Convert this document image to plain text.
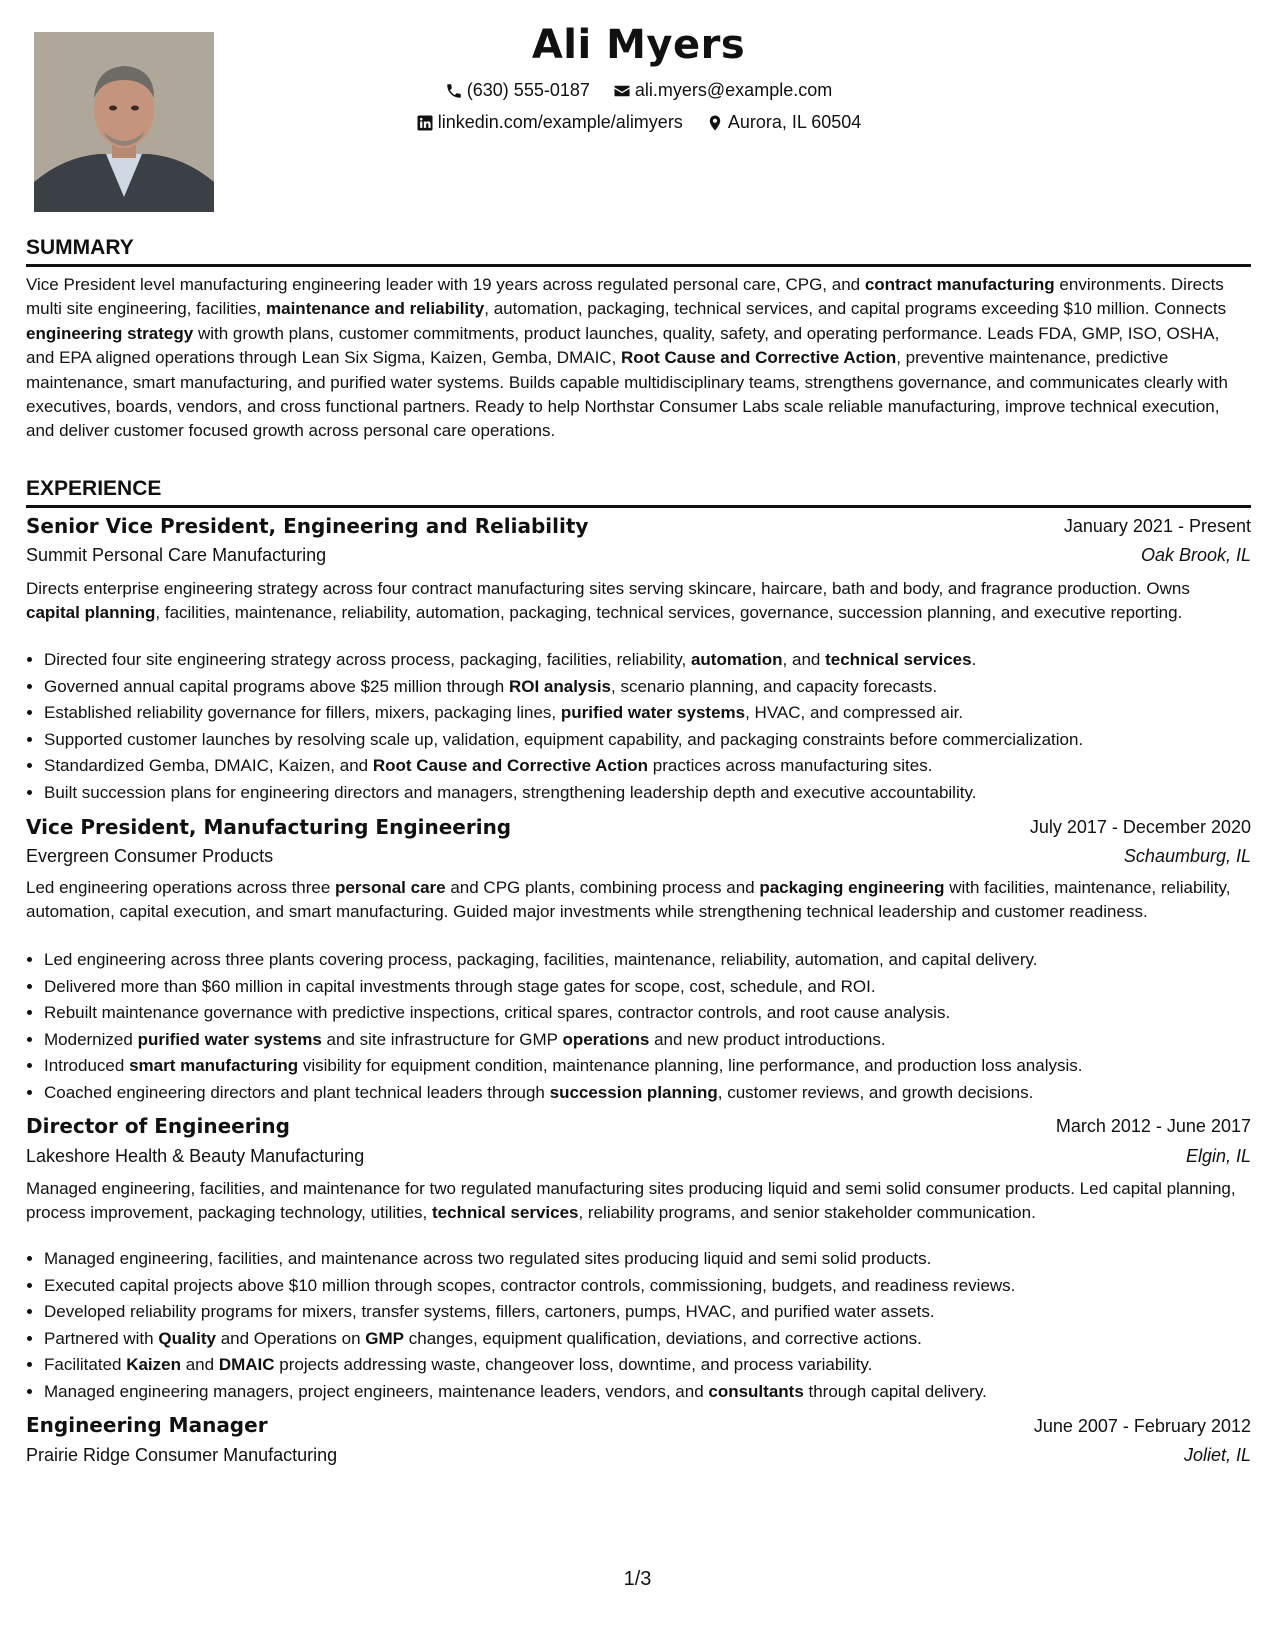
Ali Myers
(630) 555-0187
	ali.myers@example.com
linkedin.com/example/alimyers
	Aurora, IL 60504
SUMMARY

Vice President level manufacturing engineering leader with 19 years across regulated personal care, CPG, and contract manufacturing environments. Directs multi site engineering, facilities, maintenance and reliability, automation, packaging, technical services, and capital programs exceeding $10 million. Connects engineering strategy with growth plans, customer commitments, product launches, quality, safety, and operating performance. Leads FDA, GMP, ISO, OSHA, and EPA aligned operations through Lean Six Sigma, Kaizen, Gemba, DMAIC, Root Cause and Corrective Action, preventive maintenance, predictive maintenance, smart manufacturing, and purified water systems. Builds capable multidisciplinary teams, strengthens governance, and communicates clearly with executives, boards, vendors, and cross functional partners. Ready to help Northstar Consumer Labs scale reliable manufacturing, improve technical execution, and deliver customer focused growth across personal care operations.

EXPERIENCE
Senior Vice President, Engineering and Reliability	January 2021 - Present
Summit Personal Care Manufacturing	Oak Brook, IL

Directs enterprise engineering strategy across four contract manufacturing sites serving skincare, haircare, bath and body, and fragrance production. Owns capital planning, facilities, maintenance, reliability, automation, packaging, technical services, governance, succession planning, and executive reporting.

• Directed four site engineering strategy across process, packaging, facilities, reliability, automation, and technical services.
• Governed annual capital programs above $25 million through ROI analysis, scenario planning, and capacity forecasts.
• Established reliability governance for fillers, mixers, packaging lines, purified water systems, HVAC, and compressed air.
• Supported customer launches by resolving scale up, validation, equipment capability, and packaging constraints before commercialization.
• Standardized Gemba, DMAIC, Kaizen, and Root Cause and Corrective Action practices across manufacturing sites.
• Built succession plans for engineering directors and managers, strengthening leadership depth and executive accountability.
Vice President, Manufacturing Engineering	July 2017 - December 2020
Evergreen Consumer Products	Schaumburg, IL

Led engineering operations across three personal care and CPG plants, combining process and packaging engineering with facilities, maintenance, reliability, automation, capital execution, and smart manufacturing. Guided major investments while strengthening technical leadership and customer readiness.

• Led engineering across three plants covering process, packaging, facilities, maintenance, reliability, automation, and capital delivery.
• Delivered more than $60 million in capital investments through stage gates for scope, cost, schedule, and ROI.
• Rebuilt maintenance governance with predictive inspections, critical spares, contractor controls, and root cause analysis.
• Modernized purified water systems and site infrastructure for GMP operations and new product introductions.
• Introduced smart manufacturing visibility for equipment condition, maintenance planning, line performance, and production loss analysis.
• Coached engineering directors and plant technical leaders through succession planning, customer reviews, and growth decisions.
Director of Engineering	March 2012 - June 2017
Lakeshore Health & Beauty Manufacturing	Elgin, IL

Managed engineering, facilities, and maintenance for two regulated manufacturing sites producing liquid and semi solid consumer products. Led capital planning, process improvement, packaging technology, utilities, technical services, reliability programs, and senior stakeholder communication.

• Managed engineering, facilities, and maintenance across two regulated sites producing liquid and semi solid products.
• Executed capital projects above $10 million through scopes, contractor controls, commissioning, budgets, and readiness reviews.
• Developed reliability programs for mixers, transfer systems, fillers, cartoners, pumps, HVAC, and purified water assets.
• Partnered with Quality and Operations on GMP changes, equipment qualification, deviations, and corrective actions.
• Facilitated Kaizen and DMAIC projects addressing waste, changeover loss, downtime, and process variability.
• Managed engineering managers, project engineers, maintenance leaders, vendors, and consultants through capital delivery.
Engineering Manager	June 2007 - February 2012
Prairie Ridge Consumer Manufacturing	Joliet, IL
1/3
